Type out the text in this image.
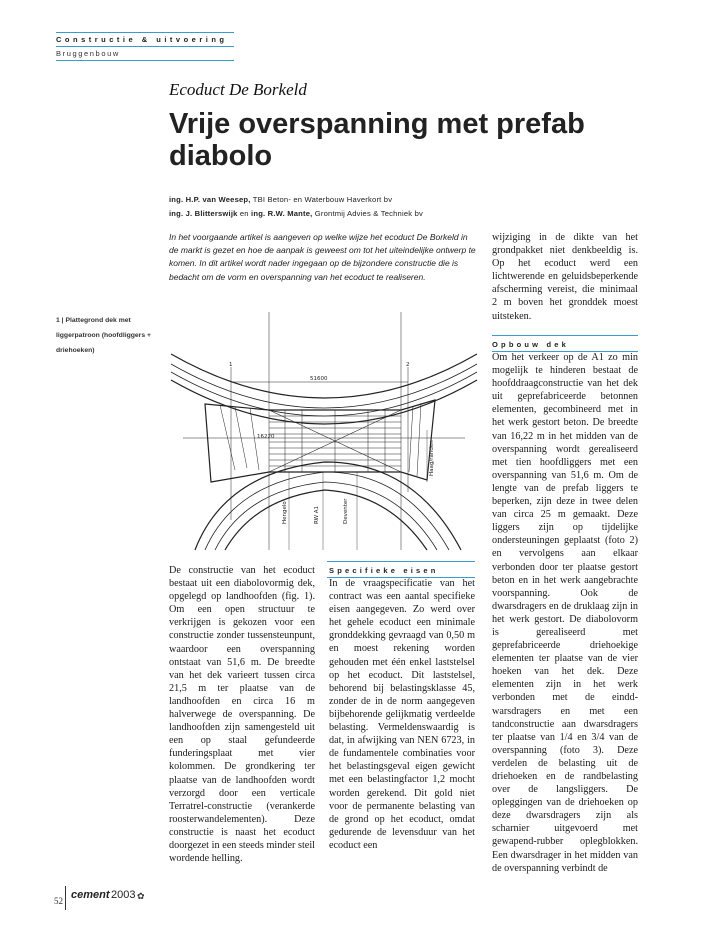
Constructie & uitvoering
Bruggenbouw
Ecoduct De Borkeld
Vrije overspanning met prefab diabolo
ing. H.P. van Weesep, TBI Beton- en Waterbouw Haverkort bv
ing. J. Blitterswijk en ing. R.W. Mante, Grontmij Advies & Techniek bv
In het voorgaande artikel is aangeven op welke wijze het ecoduct De Borkeld in de markt is gezet en hoe de aanpak is geweest om tot het uiteindelijke ontwerp te komen. In dit artikel wordt nader ingegaan op de bijzondere constructie die is bedacht om de vorm en overspanning van het ecoduct te realiseren.
1 | Plattegrond dek met liggerpatroon (hoofdliggers + driehoeken)
1	2
51600
16220
Hengelo	RW A1	Deventer
Haag/randen
wijziging in de dikte van het grondpakket niet denkbeeldig is. Op het ecoduct werd een lichtwerende en geluidsbeperkende afscherming vereist, die minimaal 2 m boven het gronddek moest uitsteken.
Opbouw dek
Om het verkeer op de A1 zo min mogelijk te hinderen bestaat de hoofddraagconstructie van het dek uit geprefabriceerde betonnen elementen, gecombineerd met in het werk gestort beton. De breedte van 16,22 m in het midden van de overspanning wordt gerealiseerd met tien hoofdliggers met een overspanning van 51,6 m. Om de lengte van de prefab liggers te beperken, zijn deze in twee delen van circa 25 m gemaakt. Deze liggers zijn op tijdelijke ondersteuningen geplaatst (foto 2) en vervolgens aan elkaar verbonden door ter plaatse gestort beton en in het werk aangebrachte voorspanning. Ook de dwarsdragers en de druklaag zijn in het werk gestort. De diabolovorm is gerealiseerd met geprefabriceerde driehoekige elementen ter plaatse van de vier hoeken van het dek. Deze elementen zijn in het werk verbonden met de einddwarsdragers en met een tandconstructie aan dwarsdragers ter plaatse van 1/4 en 3/4 van de overspanning (foto 3). Deze verdelen de belasting uit de driehoeken en de randbelasting over de langsliggers. De opleggingen van de driehoeken op deze dwarsdragers zijn als scharnier uitgevoerd met gewapend-rubber oplegblokken. Een dwarsdrager in het midden van de overspanning verbindt de
De constructie van het ecoduct bestaat uit een diabolovormig dek, opgelegd op landhoofden (fig. 1). Om een open structuur te verkrijgen is gekozen voor een constructie zonder tussensteunpunt, waardoor een overspanning ontstaat van 51,6 m. De breedte van het dek varieert tussen circa 21,5 m ter plaatse van de landhoofden en circa 16 m halverwege de overspanning. De landhoofden zijn samengesteld uit een op staal gefundeerde funderingsplaat met vier kolommen. De grondkering ter plaatse van de landhoofden wordt verzorgd door een verticale Terratrel-constructie (verankerde roosterwandelementen). Deze constructie is naast het ecoduct doorgezet in een steeds minder steil wordende helling.
Specifieke eisen
In de vraagspecificatie van het contract was een aantal specifieke eisen aangegeven. Zo werd over het gehele ecoduct een minimale gronddekking gevraagd van 0,50 m en moest rekening worden gehouden met één enkel laststelsel op het ecoduct. Dit laststelsel, behorend bij belastingsklasse 45, zonder de in de norm aangegeven bijbehorende gelijkmatig verdeelde belasting. Vermeldenswaardig is dat, in afwijking van NEN 6723, in de fundamentele combinaties voor het belastingsgeval eigen gewicht met een belastingfactor 1,2 mocht worden gerekend. Dit gold niet voor de permanente belasting van de grond op het ecoduct, omdat gedurende de levensduur van het ecoduct een
52 cement 2003 ✿
